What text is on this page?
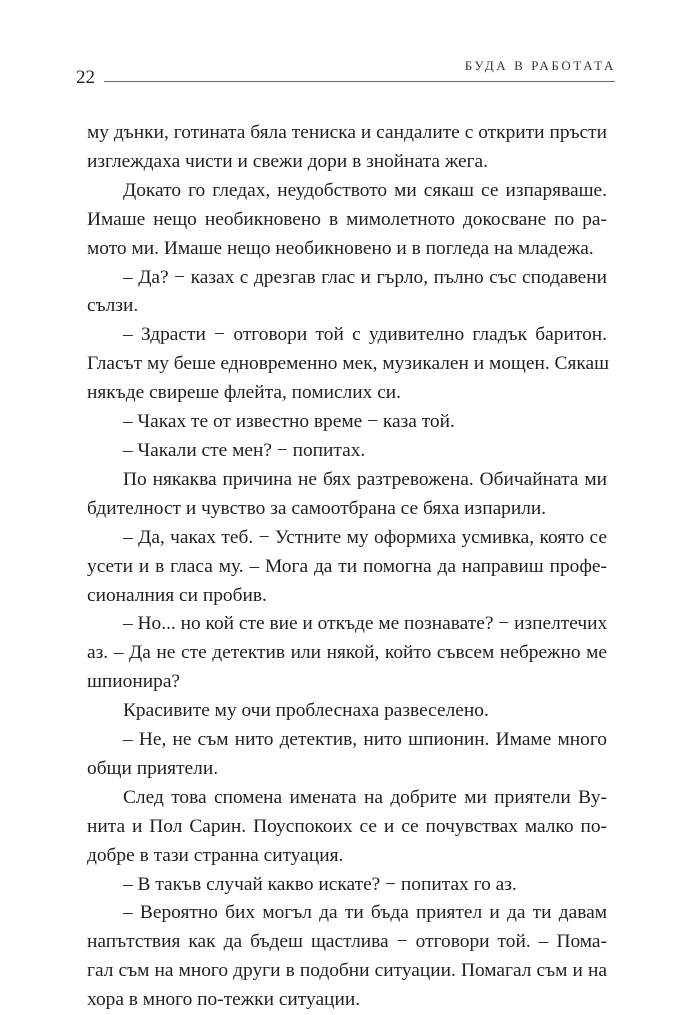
22
БУДА В РАБОТАТА

му дънки, готината бяла тениска и сандалите с открити пръсти
изглеждаха чисти и свежи дори в знойната жега.

Докато го гледах, неудобството ми сякаш се изпаряваше.
Имаше нещо необикновено в мимолетното докосване по ра-
мото ми. Имаше нещо необикновено и в погледа на младежа.

– Да? − казах с дрезгав глас и гърло, пълно със сподавени
сълзи.

– Здрасти − отговори той с удивително гладък баритон.
Гласът му беше едновременно мек, музикален и мощен. Сякаш
някъде свиреше флейта, помислих си.

– Чаках те от известно време − каза той.

– Чакали сте мен? − попитах.

По някаква причина не бях разтревожена. Обичайната ми
бдителност и чувство за самоотбрана се бяха изпарили.

– Да, чаках теб. − Устните му оформиха усмивка, която се
усети и в гласа му. – Мога да ти помогна да направиш профе-
сионалния си пробив.

– Но... но кой сте вие и откъде ме познавате? − изпелтечих
аз. – Да не сте детектив или някой, който съвсем небрежно ме
шпионира?

Красивите му очи проблеснаха развеселено.

– Не, не съм нито детектив, нито шпионин. Имаме много
общи приятели.

След това спомена имената на добрите ми приятели Ву-
нита и Пол Сарин. Поуспокоих се и се почувствах малко по-
добре в тази странна ситуация.

– В такъв случай какво искате? − попитах го аз.

– Вероятно бих могъл да ти бъда приятел и да ти давам
напътствия как да бъдеш щастлива − отговори той. – Пома-
гал съм на много други в подобни ситуации. Помагал съм и на
хора в много по-тежки ситуации.
